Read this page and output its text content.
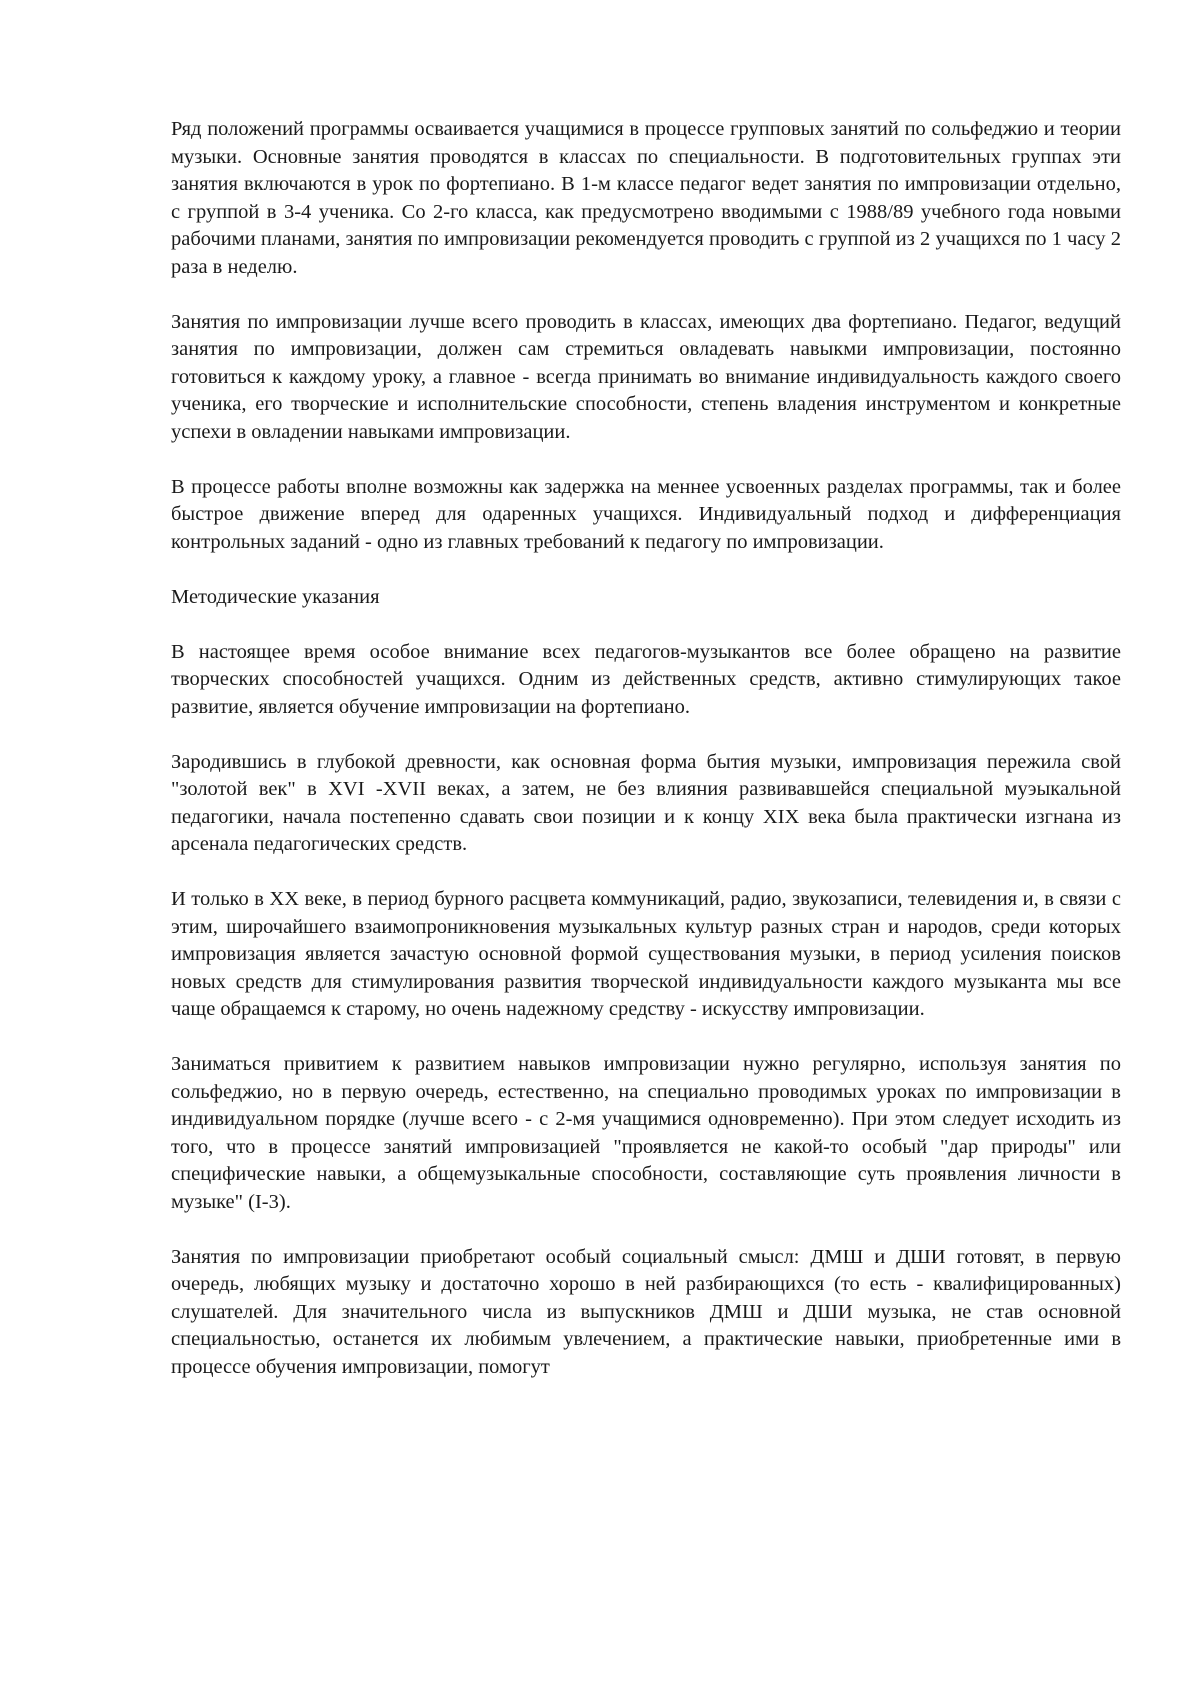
Ряд положений программы осваивается учащимися в процессе групповых занятий по сольфеджио и теории музыки. Основные занятия проводятся в классах по специальности. В подготовительных группах эти занятия включаются в урок по фортепиано. В 1-м классе педагог ведет занятия по импровизации отдельно, с группой в 3-4 ученика. Со 2-го класса, как предусмотрено вводимыми с 1988/89 учебного года новыми рабочими планами, занятия по импровизации рекомендуется проводить с группой из 2 учащихся по 1 часу 2 раза в неделю.

Занятия по импровизации лучше всего проводить в классах, имеющих два фортепиано. Педагог, ведущий занятия по импровизации, должен сам стремиться овладевать навыкми импровизации, постоянно готовиться к каждому уроку, а главное - всегда принимать во внимание индивидуальность каждого своего ученика, его творческие и исполнительские способности, степень владения инструментом и конкретные успехи в овладении навыками импровизации.

В процессе работы вполне возможны как задержка на меннее усвоенных разделах программы, так и более быстрое движение вперед для одаренных учащихся. Индивидуальный подход и дифференциация контрольных заданий - одно из главных требований к педагогу по импровизации.

Методические указания

В настоящее время особое внимание всех педагогов-музыкантов все более обращено на развитие творческих способностей учащихся. Одним из действенных средств, активно стимулирующих такое развитие, является обучение импровизации на фортепиано.

Зародившись в глубокой древности, как основная форма бытия музыки, импровизация пережила свой "золотой век" в XVI -XVII веках, а затем, не без влияния развивавшейся специальной муэыкальной педагогики, начала постепенно сдавать свои позиции и к концу XIX века была практически изгнана из арсенала педагогических средств.

И только в XX веке, в период бурного расцвета коммуникаций, радио, звукозаписи, телевидения и, в связи с этим, широчайшего взаимопроникновения музыкальных культур разных стран и народов, среди которых импровизация является зачастую основной формой существования музыки, в период усиления поисков новых средств для стимулирования развития творческой индивидуальности каждого музыканта мы все чаще обращаемся к старому, но очень надежному средству - искусству импровизации.

Заниматься привитием к развитием навыков импровизации нужно регулярно, используя занятия по сольфеджио, но в первую очередь, естественно, на специально проводимых уроках по импровизации в индивидуальном порядке (лучше всего - с 2-мя учащимися одновременно). При этом следует исходить из того, что в процессе занятий импровизацией "проявляется не какой-то особый "дар природы" или специфические навыки, а общемузыкальные способности, составляющие суть проявления личности в музыке" (I-3).

Занятия по импровизации приобретают особый социальный смысл: ДМШ и ДШИ готовят, в первую очередь, любящих музыку и достаточно хорошо в ней разбирающихся (то есть - квалифицированных) слушателей. Для значительного числа из выпускников ДМШ и ДШИ музыка, не став основной специальностью, останется их любимым увлечением, а практические навыки, приобретенные ими в процессе обучения импровизации, помогут
